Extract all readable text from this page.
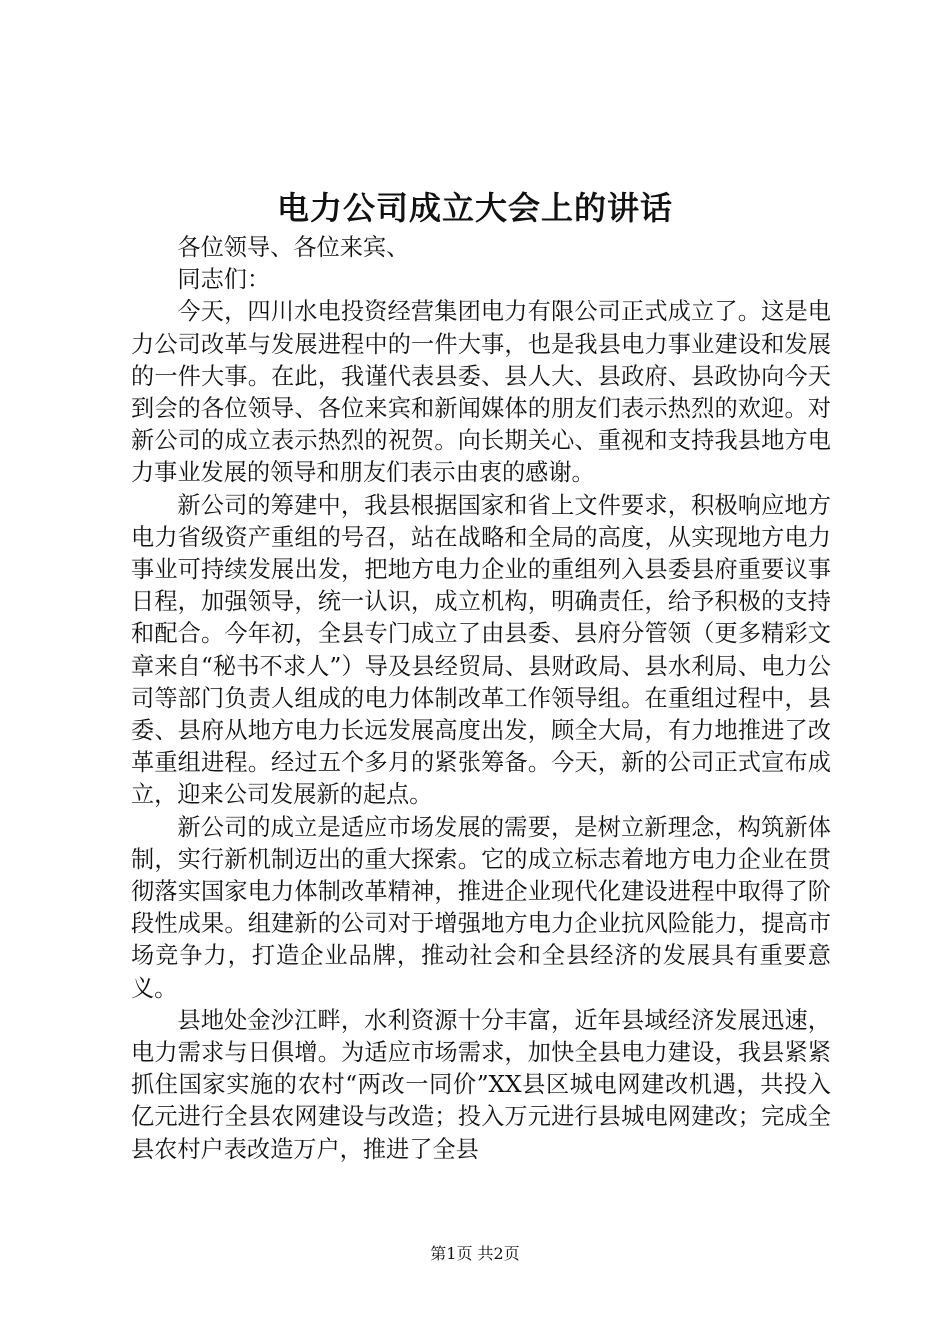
电力公司成立大会上的讲话

各位领导、各位来宾、

同志们：

今天，四川水电投资经营集团电力有限公司正式成立了。这是电力公司改革与发展进程中的一件大事，也是我县电力事业建设和发展的一件大事。在此，我谨代表县委、县人大、县政府、县政协向今天到会的各位领导、各位来宾和新闻媒体的朋友们表示热烈的欢迎。对新公司的成立表示热烈的祝贺。向长期关心、重视和支持我县地方电力事业发展的领导和朋友们表示由衷的感谢。

新公司的筹建中，我县根据国家和省上文件要求，积极响应地方电力省级资产重组的号召，站在战略和全局的高度，从实现地方电力事业可持续发展出发，把地方电力企业的重组列入县委县府重要议事日程，加强领导，统一认识，成立机构，明确责任，给予积极的支持和配合。今年初，全县专门成立了由县委、县府分管领（更多精彩文章来自“秘书不求人”）导及县经贸局、县财政局、县水利局、电力公司等部门负责人组成的电力体制改革工作领导组。在重组过程中，县委、县府从地方电力长远发展高度出发，顾全大局，有力地推进了改革重组进程。经过五个多月的紧张筹备。今天，新的公司正式宣布成立，迎来公司发展新的起点。

新公司的成立是适应市场发展的需要，是树立新理念，构筑新体制，实行新机制迈出的重大探索。它的成立标志着地方电力企业在贯彻落实国家电力体制改革精神，推进企业现代化建设进程中取得了阶段性成果。组建新的公司对于增强地方电力企业抗风险能力，提高市场竞争力，打造企业品牌，推动社会和全县经济的发展具有重要意义。

县地处金沙江畔，水利资源十分丰富，近年县域经济发展迅速，电力需求与日俱增。为适应市场需求，加快全县电力建设，我县紧紧抓住国家实施的农村“两改一同价”XX县区城电网建改机遇，共投入亿元进行全县农网建设与改造；投入万元进行县城电网建改；完成全县农村户表改造万户，推进了全县

第1页 共2页
